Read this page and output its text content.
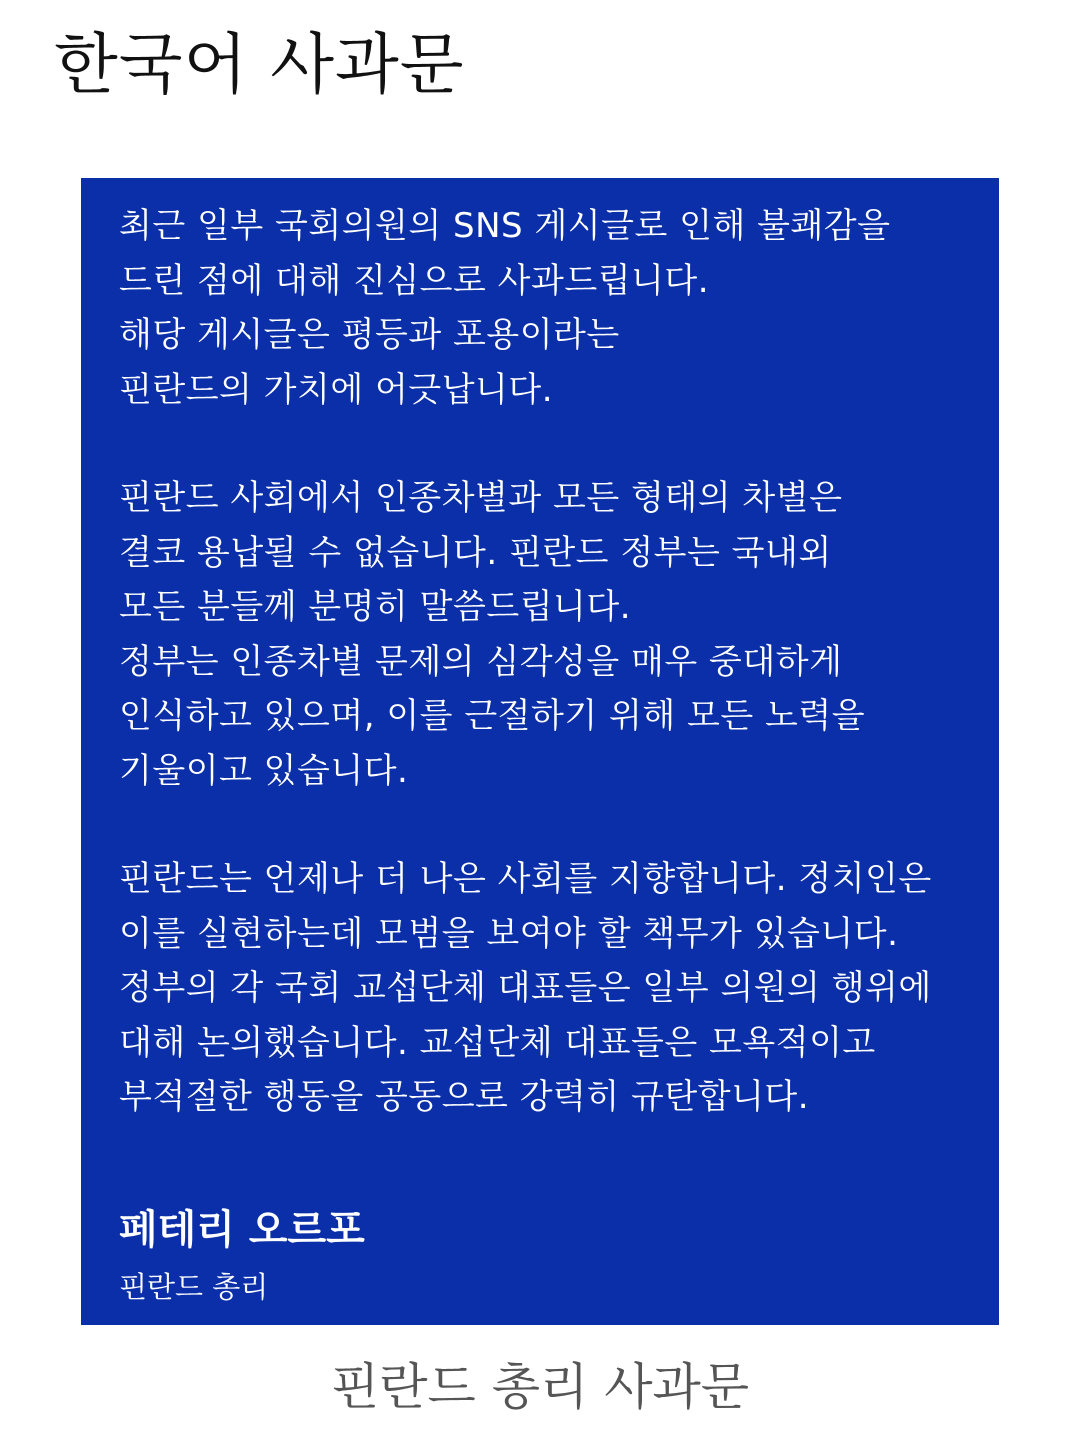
한국어 사과문
최근 일부 국회의원의 SNS 게시글로 인해 불쾌감을
드린 점에 대해 진심으로 사과드립니다.
해당 게시글은 평등과 포용이라는
핀란드의 가치에 어긋납니다.
핀란드 사회에서 인종차별과 모든 형태의 차별은
결코 용납될 수 없습니다. 핀란드 정부는 국내외
모든 분들께 분명히 말씀드립니다.
정부는 인종차별 문제의 심각성을 매우 중대하게
인식하고 있으며, 이를 근절하기 위해 모든 노력을
기울이고 있습니다.
핀란드는 언제나 더 나은 사회를 지향합니다. 정치인은
이를 실현하는데 모범을 보여야 할 책무가 있습니다.
정부의 각 국회 교섭단체 대표들은 일부 의원의 행위에
대해 논의했습니다. 교섭단체 대표들은 모욕적이고
부적절한 행동을 공동으로 강력히 규탄합니다.
페테리 오르포
핀란드 총리
핀란드 총리 사과문
